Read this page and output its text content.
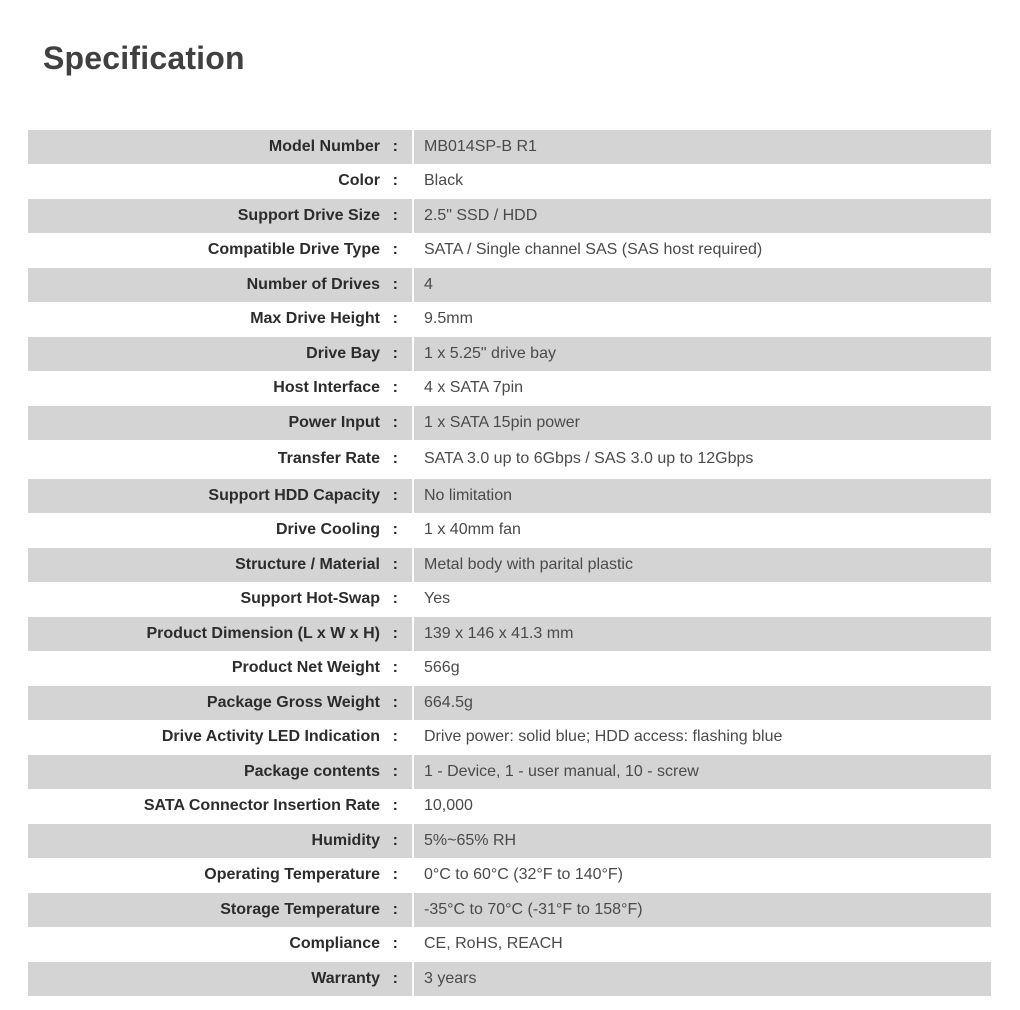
Specification
Model Number :	MB014SP-B R1
Color :	Black
Support Drive Size :	2.5" SSD / HDD
Compatible Drive Type :	SATA / Single channel SAS (SAS host required)
Number of Drives :	4
Max Drive Height :	9.5mm
Drive Bay :	1 x 5.25" drive bay
Host Interface :	4 x SATA 7pin
Power Input :	1 x SATA 15pin power
Transfer Rate :	SATA 3.0 up to 6Gbps / SAS 3.0 up to 12Gbps
Support HDD Capacity :	No limitation
Drive Cooling :	1 x 40mm fan
Structure / Material :	Metal body with parital plastic
Support Hot-Swap :	Yes
Product Dimension (L x W x H) :	139 x 146 x 41.3 mm
Product Net Weight :	566g
Package Gross Weight :	664.5g
Drive Activity LED Indication :	Drive power: solid blue; HDD access: flashing blue
Package contents :	1 - Device, 1 - user manual, 10 - screw
SATA Connector Insertion Rate :	10,000
Humidity :	5%~65% RH
Operating Temperature :	0°C to 60°C (32°F to 140°F)
Storage Temperature :	-35°C to 70°C (-31°F to 158°F)
Compliance :	CE, RoHS, REACH
Warranty :	3 years
